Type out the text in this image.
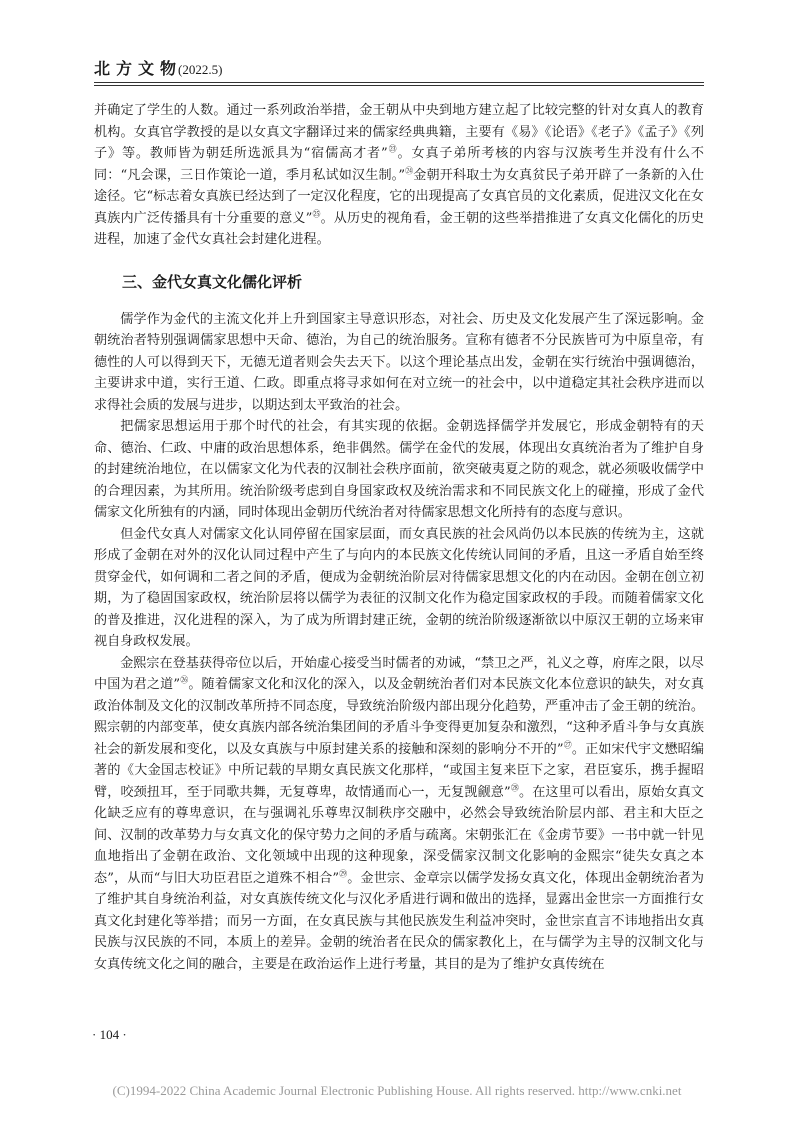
北方文物(2022.5)

并确定了学生的人数。通过一系列政治举措，金王朝从中央到地方建立起了比较完整的针对女真人的教育机构。女真官学教授的是以女真文字翻译过来的儒家经典典籍，主要有《易》《论语》《老子》《孟子》《列子》等。教师皆为朝廷所选派具为“宿儒高才者”$^㉓$。女真子弟所考核的内容与汉族考生并没有什么不同：“凡会课，三日作策论一道，季月私试如汉生制。”$^㉔$金朝开科取士为女真贫民子弟开辟了一条新的入仕途径。它“标志着女真族已经达到了一定汉化程度，它的出现提高了女真官员的文化素质，促进汉文化在女真族内广泛传播具有十分重要的意义”$^㉕$。从历史的视角看，金王朝的这些举措推进了女真文化儒化的历史进程，加速了金代女真社会封建化进程。

三、金代女真文化儒化评析

儒学作为金代的主流文化并上升到国家主导意识形态，对社会、历史及文化发展产生了深远影响。金朝统治者特别强调儒家思想中天命、德治，为自己的统治服务。宣称有德者不分民族皆可为中原皇帝，有德性的人可以得到天下，无德无道者则会失去天下。以这个理论基点出发，金朝在实行统治中强调德治，主要讲求中道，实行王道、仁政。即重点将寻求如何在对立统一的社会中，以中道稳定其社会秩序进而以求得社会质的发展与进步，以期达到太平致治的社会。

把儒家思想运用于那个时代的社会，有其实现的依据。金朝选择儒学并发展它，形成金朝特有的天命、德治、仁政、中庸的政治思想体系，绝非偶然。儒学在金代的发展，体现出女真统治者为了维护自身的封建统治地位，在以儒家文化为代表的汉制社会秩序面前，欲突破夷夏之防的观念，就必须吸收儒学中的合理因素，为其所用。统治阶级考虑到自身国家政权及统治需求和不同民族文化上的碰撞，形成了金代儒家文化所独有的内涵，同时体现出金朝历代统治者对待儒家思想文化所持有的态度与意识。

但金代女真人对儒家文化认同停留在国家层面，而女真民族的社会风尚仍以本民族的传统为主，这就形成了金朝在对外的汉化认同过程中产生了与向内的本民族文化传统认同间的矛盾，且这一矛盾自始至终贯穿金代，如何调和二者之间的矛盾，便成为金朝统治阶层对待儒家思想文化的内在动因。金朝在创立初期，为了稳固国家政权，统治阶层将以儒学为表征的汉制文化作为稳定国家政权的手段。而随着儒家文化的普及推进，汉化进程的深入，为了成为所谓封建正统，金朝的统治阶级逐渐欲以中原汉王朝的立场来审视自身政权发展。

金熙宗在登基获得帝位以后，开始虚心接受当时儒者的劝诫，“禁卫之严，礼义之尊，府库之限，以尽中国为君之道”$^㉖$。随着儒家文化和汉化的深入，以及金朝统治者们对本民族文化本位意识的缺失，对女真政治体制及文化的汉制改革所持不同态度，导致统治阶级内部出现分化趋势，严重冲击了金王朝的统治。熙宗朝的内部变革，使女真族内部各统治集团间的矛盾斗争变得更加复杂和激烈，“这种矛盾斗争与女真族社会的新发展和变化，以及女真族与中原封建关系的接触和深刻的影响分不开的”$^㉗$。正如宋代宇文懋昭编著的《大金国志校证》中所记载的早期女真民族文化那样，“或国主复来臣下之家，君臣宴乐，携手握昭臂，咬颈扭耳，至于同歌共舞，无复尊卑，故情通而心一，无复觊觎意”$^㉘$。在这里可以看出，原始女真文化缺乏应有的尊卑意识，在与强调礼乐尊卑汉制秩序交融中，必然会导致统治阶层内部、君主和大臣之间、汉制的改革势力与女真文化的保守势力之间的矛盾与疏离。宋朝张汇在《金虏节要》一书中就一针见血地指出了金朝在政治、文化领域中出现的这种现象，深受儒家汉制文化影响的金熙宗“徒失女真之本态”，从而“与旧大功臣君臣之道殊不相合”$^㉙$。金世宗、金章宗以儒学发扬女真文化，体现出金朝统治者为了维护其自身统治利益，对女真族传统文化与汉化矛盾进行调和做出的选择，显露出金世宗一方面推行女真文化封建化等举措；而另一方面，在女真民族与其他民族发生利益冲突时，金世宗直言不讳地指出女真民族与汉民族的不同，本质上的差异。金朝的统治者在民众的儒家教化上，在与儒学为主导的汉制文化与女真传统文化之间的融合，主要是在政治运作上进行考量，其目的是为了维护女真传统在

· 104 ·
(C)1994-2022 China Academic Journal Electronic Publishing House. All rights reserved. http://www.cnki.net
